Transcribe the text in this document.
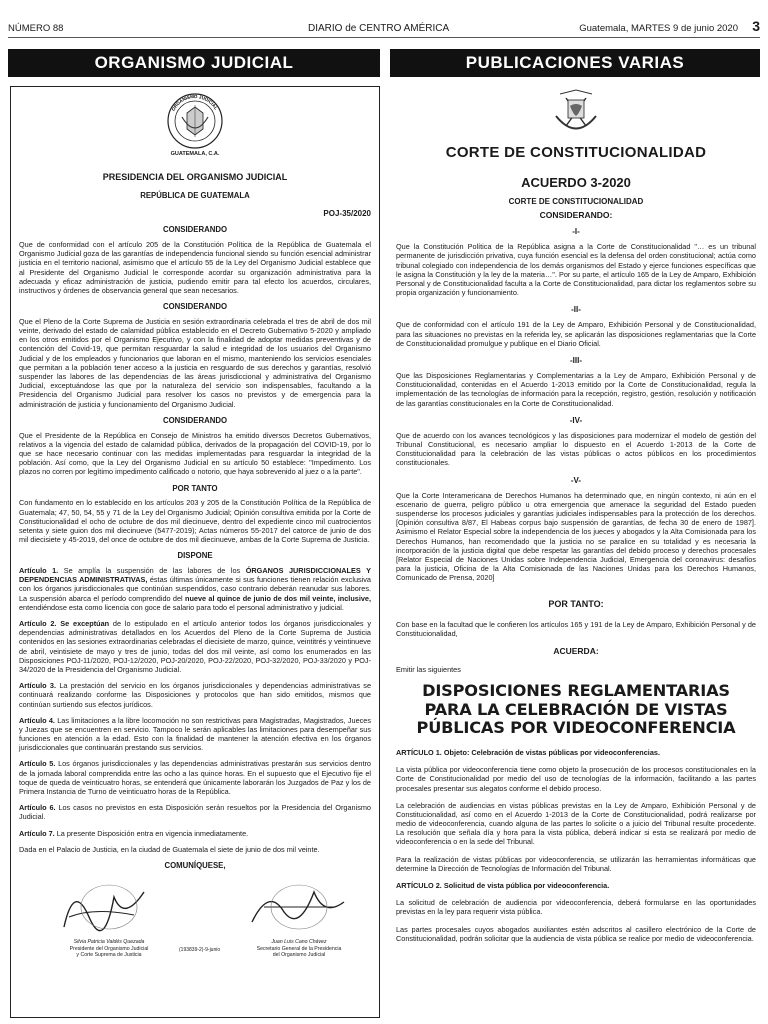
NÚMERO 88	DIARIO de CENTRO AMÉRICA	Guatemala, MARTES 9 de junio 2020 3
ORGANISMO JUDICIAL	PUBLICACIONES VARIAS
ORGANISMO JUDICIAL
GUATEMALA, C.A.
PRESIDENCIA DEL ORGANISMO JUDICIAL
REPÚBLICA DE GUATEMALA
POJ-35/2020
CONSIDERANDO

Que de conformidad con el artículo 205 de la Constitución Política de la República de Guatemala el Organismo Judicial goza de las garantías de independencia funcional siendo su función esencial administrar justicia en el territorio nacional, asimismo que el artículo 55 de la Ley del Organismo Judicial establece que al Presidente del Organismo Judicial le corresponde acordar su organización administrativa para la adecuada y eficaz administración de justicia, pudiendo emitir para tal efecto los acuerdos, circulares, instructivos y órdenes de observancia general que sean necesarios.

CONSIDERANDO

Que el Pleno de la Corte Suprema de Justicia en sesión extraordinaria celebrada el tres de abril de dos mil veinte, derivado del estado de calamidad pública establecido en el Decreto Gubernativo 5-2020 y ampliado en los otros emitidos por el Organismo Ejecutivo, y con la finalidad de adoptar medidas preventivas y de contención del Covid-19, que permitan resguardar la salud e integridad de los usuarios del Organismo Judicial y de los empleados y funcionarios que laboran en el mismo, manteniendo los servicios esenciales que permitan a la población tener acceso a la justicia en resguardo de sus derechos y garantías, resolvió suspender las labores de las dependencias de las áreas jurisdiccional y administrativa del Organismo Judicial, exceptuándose las que por la naturaleza del servicio son indispensables, facultando a la Presidencia del Organismo Judicial para resolver los casos no previstos y de emergencia para la administración de justicia y funcionamiento del Organismo Judicial.

CONSIDERANDO

Que el Presidente de la República en Consejo de Ministros ha emitido diversos Decretos Gubernativos, relativos a la vigencia del estado de calamidad pública, derivados de la propagación del COVID-19, por lo que se hace necesario continuar con las medidas implementadas para resguardar la integridad de la población. Así como, que la Ley del Organismo Judicial en su artículo 50 establece: "Impedimento. Los plazos no corren por legítimo impedimento calificado o notorio, que haya sobrevenido al juez o a la parte".

POR TANTO

Con fundamento en lo establecido en los artículos 203 y 205 de la Constitución Política de la República de Guatemala; 47, 50, 54, 55 y 71 de la Ley del Organismo Judicial; Opinión consultiva emitida por la Corte de Constitucionalidad el ocho de octubre de dos mil diecinueve, dentro del expediente cinco mil cuatrocientos setenta y siete guion dos mil diecinueve (5477-2019); Actas números 55-2017 del catorce de junio de dos mil diecisiete y 45-2019, del once de octubre de dos mil diecinueve, ambas de la Corte Suprema de Justicia.

DISPONE

Artículo 1. Se amplía la suspensión de las labores de los ÓRGANOS JURISDICCIONALES Y DEPENDENCIAS ADMINISTRATIVAS, éstas últimas únicamente si sus funciones tienen relación exclusiva con los órganos jurisdiccionales que continúan suspendidos, caso contrario deberán reanudar sus labores. La suspensión abarca el período comprendido del nueve al quince de junio de dos mil veinte, inclusive, entendiéndose esta como licencia con goce de salario para todo el personal administrativo y judicial.

Artículo 2. Se exceptúan de lo estipulado en el artículo anterior todos los órganos jurisdiccionales y dependencias administrativas detallados en los Acuerdos del Pleno de la Corte Suprema de Justicia contenidos en las sesiones extraordinarias celebradas el diecisiete de marzo, quince, veintitrés y veintinueve de abril, veintisiete de mayo y tres de junio, todas del dos mil veinte, así como los enumerados en las Disposiciones POJ-11/2020, POJ-12/2020, POJ-20/2020, POJ-22/2020, POJ-32/2020, POJ-33/2020 y POJ-34/2020 de la Presidencia del Organismo Judicial.

Artículo 3. La prestación del servicio en los órganos jurisdiccionales y dependencias administrativas se continuará realizando conforme las Disposiciones y protocolos que han sido emitidos, mismos que continúan surtiendo sus efectos jurídicos.

Artículo 4. Las limitaciones a la libre locomoción no son restrictivas para Magistradas, Magistrados, Jueces y Juezas que se encuentren en servicio. Tampoco le serán aplicables las limitaciones para desempeñar sus funciones en atención a la edad. Esto con la finalidad de mantener la atención efectiva en los órganos jurisdiccionales que continuarán prestando sus servicios.

Artículo 5. Los órganos jurisdiccionales y las dependencias administrativas prestarán sus servicios dentro de la jornada laboral comprendida entre las ocho a las quince horas. En el supuesto que el Ejecutivo fije el toque de queda de veinticuatro horas, se entenderá que únicamente laborarán los Juzgados de Paz y los de Primera Instancia de Turno de veinticuatro horas de la República.

Artículo 6. Los casos no previstos en esta Disposición serán resueltos por la Presidencia del Organismo Judicial.

Artículo 7. La presente Disposición entra en vigencia inmediatamente.

Dada en el Palacio de Justicia, en la ciudad de Guatemala el siete de junio de dos mil veinte.

COMUNÍQUESE,
Silvia Patricia Valdés Quezada
Presidente del Organismo Judicial
y Corte Suprema de Justicia
(193839-2)-9-junio
Juan Luis Cano Chávez
Secretario General de la Presidencia
del Organismo Judicial
CORTE DE CONSTITUCIONALIDAD
ACUERDO 3-2020
CORTE DE CONSTITUCIONALIDAD
CONSIDERANDO:
-I-

Que la Constitución Política de la República asigna a la Corte de Constitucionalidad "… es un tribunal permanente de jurisdicción privativa, cuya función esencial es la defensa del orden constitucional; actúa como tribunal colegiado con independencia de los demás organismos del Estado y ejerce funciones específicas que le asigna la Constitución y la ley de la materia…". Por su parte, el artículo 165 de la Ley de Amparo, Exhibición Personal y de Constitucionalidad faculta a la Corte de Constitucionalidad, para dictar los reglamentos sobre su propia organización y funcionamiento.

-II-

Que de conformidad con el artículo 191 de la Ley de Amparo, Exhibición Personal y de Constitucionalidad, para las situaciones no previstas en la referida ley, se aplicarán las disposiciones reglamentarias que la Corte de Constitucionalidad promulgue y publique en el Diario Oficial.

-III-

Que las Disposiciones Reglamentarias y Complementarias a la Ley de Amparo, Exhibición Personal y de Constitucionalidad, contenidas en el Acuerdo 1-2013 emitido por la Corte de Constitucionalidad, regula la implementación de las tecnologías de información para la recepción, registro, gestión, resolución y notificación de las garantías constitucionales en la Corte de Constitucionalidad.

-IV-

Que de acuerdo con los avances tecnológicos y las disposiciones para modernizar el modelo de gestión del Tribunal Constitucional, es necesario ampliar lo dispuesto en el Acuerdo 1-2013 de la Corte de Constitucionalidad para la celebración de las vistas públicas o actos públicos en los procedimientos constitucionales.

-V-

Que la Corte Interamericana de Derechos Humanos ha determinado que, en ningún contexto, ni aún en el escenario de guerra, peligro público u otra emergencia que amenace la seguridad del Estado pueden suspenderse los procesos judiciales y garantías judiciales indispensables para la protección de los derechos. [Opinión consultiva 8/87, El Habeas corpus bajo suspensión de garantías, de fecha 30 de enero de 1987]. Asimismo el Relator Especial sobre la independencia de los jueces y abogados y la Alta Comisionada para los Derechos Humanos, han recomendado que la justicia no se paralice en su totalidad y es necesaria la incorporación de la justicia digital que debe respetar las garantías del debido proceso y derechos procesales [Relator Especial de Naciones Unidas sobre Independencia Judicial, Emergencia del coronavirus: desafíos para la justicia, Oficina de la Alta Comisionada de las Naciones Unidas para los Derechos Humanos, Comunicado de Prensa, 2020]

POR TANTO:

Con base en la facultad que le confieren los artículos 165 y 191 de la Ley de Amparo, Exhibición Personal y de Constitucionalidad,

ACUERDA:

Emitir las siguientes

DISPOSICIONES REGLAMENTARIAS PARA LA CELEBRACIÓN DE VISTAS PÚBLICAS POR VIDEOCONFERENCIA

ARTÍCULO 1. Objeto: Celebración de vistas públicas por videoconferencias.

La vista pública por videoconferencia tiene como objeto la prosecución de los procesos constitucionales en la Corte de Constitucionalidad por medio del uso de tecnologías de la información, facilitando a las partes procesales presentar sus alegatos conforme el debido proceso.

La celebración de audiencias en vistas públicas previstas en la Ley de Amparo, Exhibición Personal y de Constitucionalidad, así como en el Acuerdo 1-2013 de la Corte de Constitucionalidad, podrá realizarse por medio de videoconferencia, cuando alguna de las partes lo solicite o a juicio del Tribunal resulte procedente. La resolución que señala día y hora para la vista pública, deberá indicar si esta se realizará por medio de videoconferencia o en la sede del Tribunal.

Para la realización de vistas públicas por videoconferencia, se utilizarán las herramientas informáticas que determine la Dirección de Tecnologías de Información del Tribunal.

ARTÍCULO 2. Solicitud de vista pública por videoconferencia.

La solicitud de celebración de audiencia por videoconferencia, deberá formularse en las oportunidades previstas en la ley para requerir vista pública.

Las partes procesales cuyos abogados auxiliantes estén adscritos al casillero electrónico de la Corte de Constitucionalidad, podrán solicitar que la audiencia de vista pública se realice por medio de videoconferencia.
